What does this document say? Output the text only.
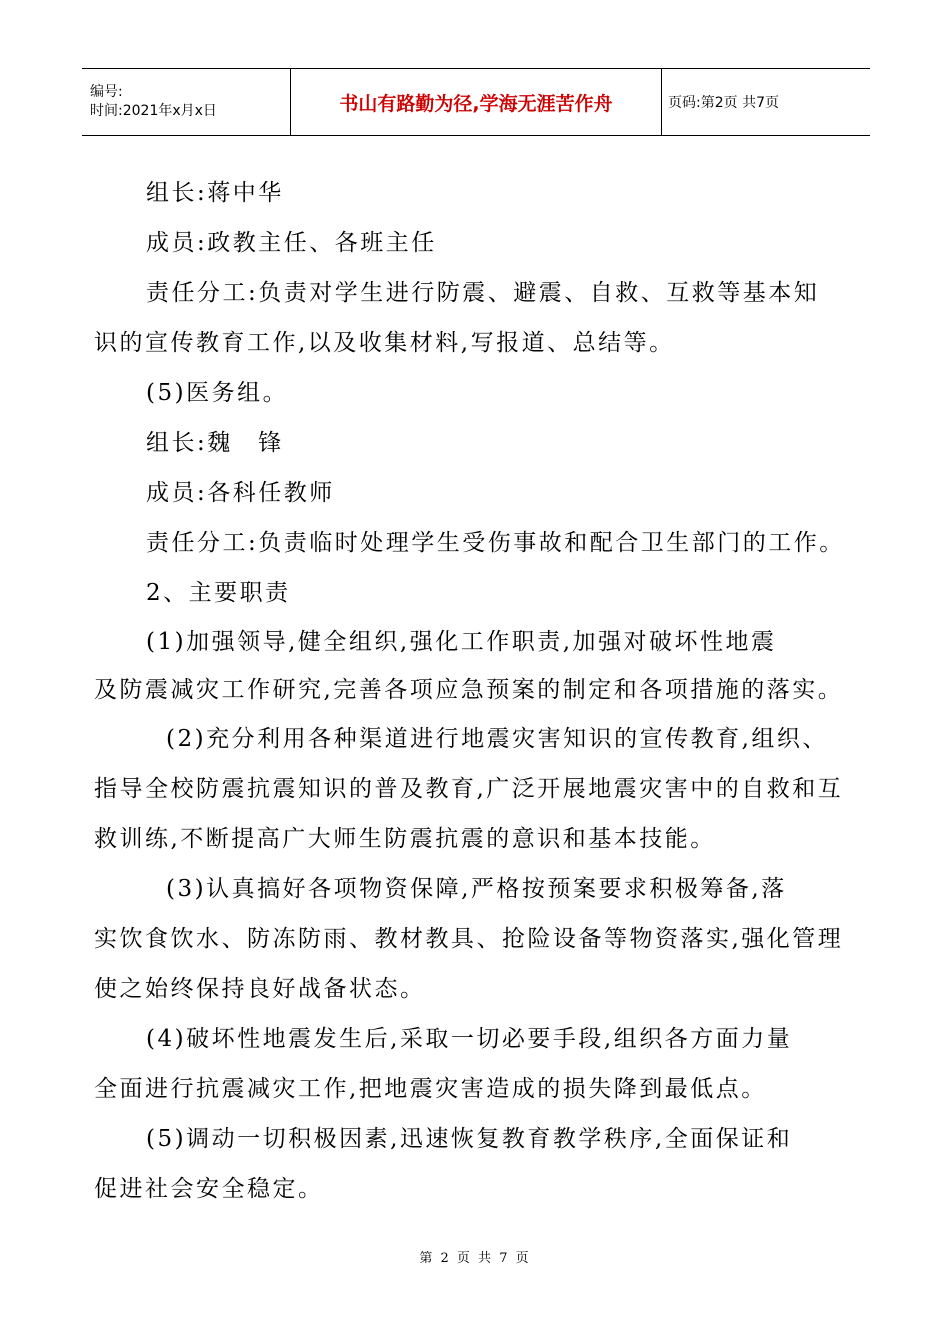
编号:
时间:2021年x月x日	书山有路勤为径,学海无涯苦作舟	页码:第2页 共7页

组长:蒋中华

成员:政教主任、各班主任

责任分工:负责对学生进行防震、避震、自救、互救等基本知

识的宣传教育工作,以及收集材料,写报道、总结等。

(5)医务组。

组长:魏　锋

成员:各科任教师

责任分工:负责临时处理学生受伤事故和配合卫生部门的工作。

2、主要职责

(1)加强领导,健全组织,强化工作职责,加强对破坏性地震

及防震减灾工作研究,完善各项应急预案的制定和各项措施的落实。

(2)充分利用各种渠道进行地震灾害知识的宣传教育,组织、

指导全校防震抗震知识的普及教育,广泛开展地震灾害中的自救和互

救训练,不断提高广大师生防震抗震的意识和基本技能。

(3)认真搞好各项物资保障,严格按预案要求积极筹备,落

实饮食饮水、防冻防雨、教材教具、抢险设备等物资落实,强化管理

使之始终保持良好战备状态。

(4)破坏性地震发生后,采取一切必要手段,组织各方面力量

全面进行抗震减灾工作,把地震灾害造成的损失降到最低点。

(5)调动一切积极因素,迅速恢复教育教学秩序,全面保证和

促进社会安全稳定。

第 2 页 共 7 页
